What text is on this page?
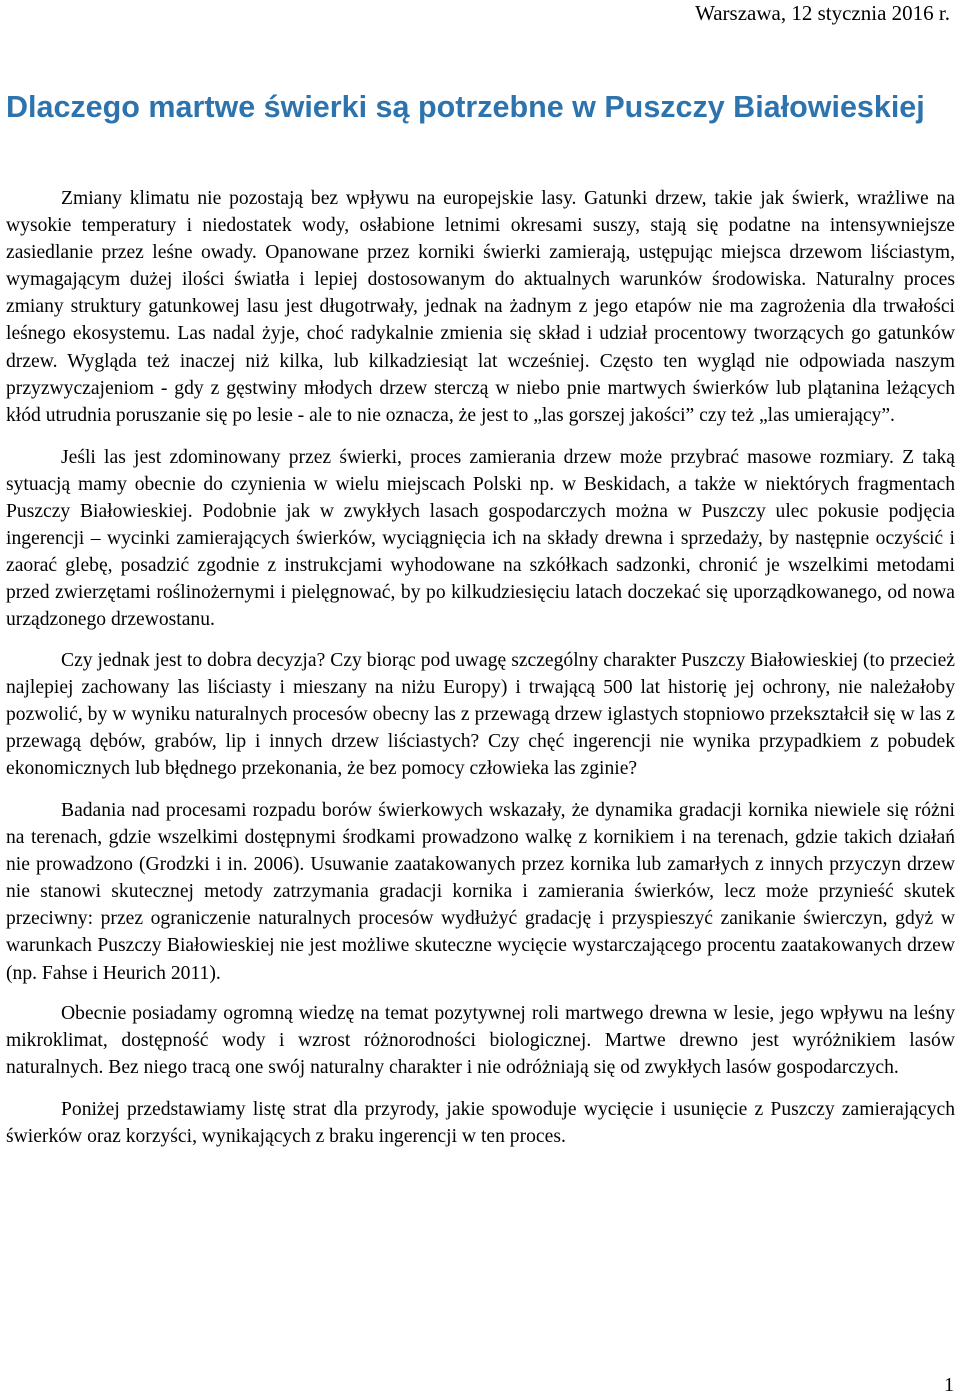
Warszawa, 12 stycznia 2016 r.
Dlaczego martwe świerki są potrzebne w Puszczy Białowieskiej

Zmiany klimatu nie pozostają bez wpływu na europejskie lasy. Gatunki drzew, takie jak świerk, wrażliwe na wysokie temperatury i niedostatek wody, osłabione letnimi okresami suszy, stają się podatne na intensywniejsze zasiedlanie przez leśne owady. Opanowane przez korniki świerki zamierają, ustępując miejsca drzewom liściastym, wymagającym dużej ilości światła i lepiej dostosowanym do aktualnych warunków środowiska. Naturalny proces zmiany struktury gatunkowej lasu jest długotrwały, jednak na żadnym z jego etapów nie ma zagrożenia dla trwałości leśnego ekosystemu. Las nadal żyje, choć radykalnie zmienia się skład i udział procentowy tworzących go gatunków drzew. Wygląda też inaczej niż kilka, lub kilkadziesiąt lat wcześniej. Często ten wygląd nie odpowiada naszym przyzwyczajeniom - gdy z gęstwiny młodych drzew sterczą w niebo pnie martwych świerków lub plątanina leżących kłód utrudnia poruszanie się po lesie - ale to nie oznacza, że jest to „las gorszej jakości” czy też „las umierający”.

Jeśli las jest zdominowany przez świerki, proces zamierania drzew może przybrać masowe rozmiary. Z taką sytuacją mamy obecnie do czynienia w wielu miejscach Polski np. w Beskidach, a także w niektórych fragmentach Puszczy Białowieskiej. Podobnie jak w zwykłych lasach gospodarczych można w Puszczy ulec pokusie podjęcia ingerencji – wycinki zamierających świerków, wyciągnięcia ich na składy drewna i sprzedaży, by następnie oczyścić i zaorać glebę, posadzić zgodnie z instrukcjami wyhodowane na szkółkach sadzonki, chronić je wszelkimi metodami przed zwierzętami roślinożernymi i pielęgnować, by po kilkudziesięciu latach doczekać się uporządkowanego, od nowa urządzonego drzewostanu.

Czy jednak jest to dobra decyzja? Czy biorąc pod uwagę szczególny charakter Puszczy Białowieskiej (to przecież najlepiej zachowany las liściasty i mieszany na niżu Europy) i trwającą 500 lat historię jej ochrony, nie należałoby pozwolić, by w wyniku naturalnych procesów obecny las z przewagą drzew iglastych stopniowo przekształcił się w las z przewagą dębów, grabów, lip i innych drzew liściastych? Czy chęć ingerencji nie wynika przypadkiem z pobudek ekonomicznych lub błędnego przekonania, że bez pomocy człowieka las zginie?

Badania nad procesami rozpadu borów świerkowych wskazały, że dynamika gradacji kornika niewiele się różni na terenach, gdzie wszelkimi dostępnymi środkami prowadzono walkę z kornikiem i na terenach, gdzie takich działań nie prowadzono (Grodzki i in. 2006). Usuwanie zaatakowanych przez kornika lub zamarłych z innych przyczyn drzew nie stanowi skutecznej metody zatrzymania gradacji kornika i zamierania świerków, lecz może przynieść skutek przeciwny: przez ograniczenie naturalnych procesów wydłużyć gradację i przyspieszyć zanikanie świerczyn, gdyż w warunkach Puszczy Białowieskiej nie jest możliwe skuteczne wycięcie wystarczającego procentu zaatakowanych drzew (np. Fahse i Heurich 2011).

Obecnie posiadamy ogromną wiedzę na temat pozytywnej roli martwego drewna w lesie, jego wpływu na leśny mikroklimat, dostępność wody i wzrost różnorodności biologicznej. Martwe drewno jest wyróżnikiem lasów naturalnych. Bez niego tracą one swój naturalny charakter i nie odróżniają się od zwykłych lasów gospodarczych.

Poniżej przedstawiamy listę strat dla przyrody, jakie spowoduje wycięcie i usunięcie z Puszczy zamierających świerków oraz korzyści, wynikających z braku ingerencji w ten proces.

1
